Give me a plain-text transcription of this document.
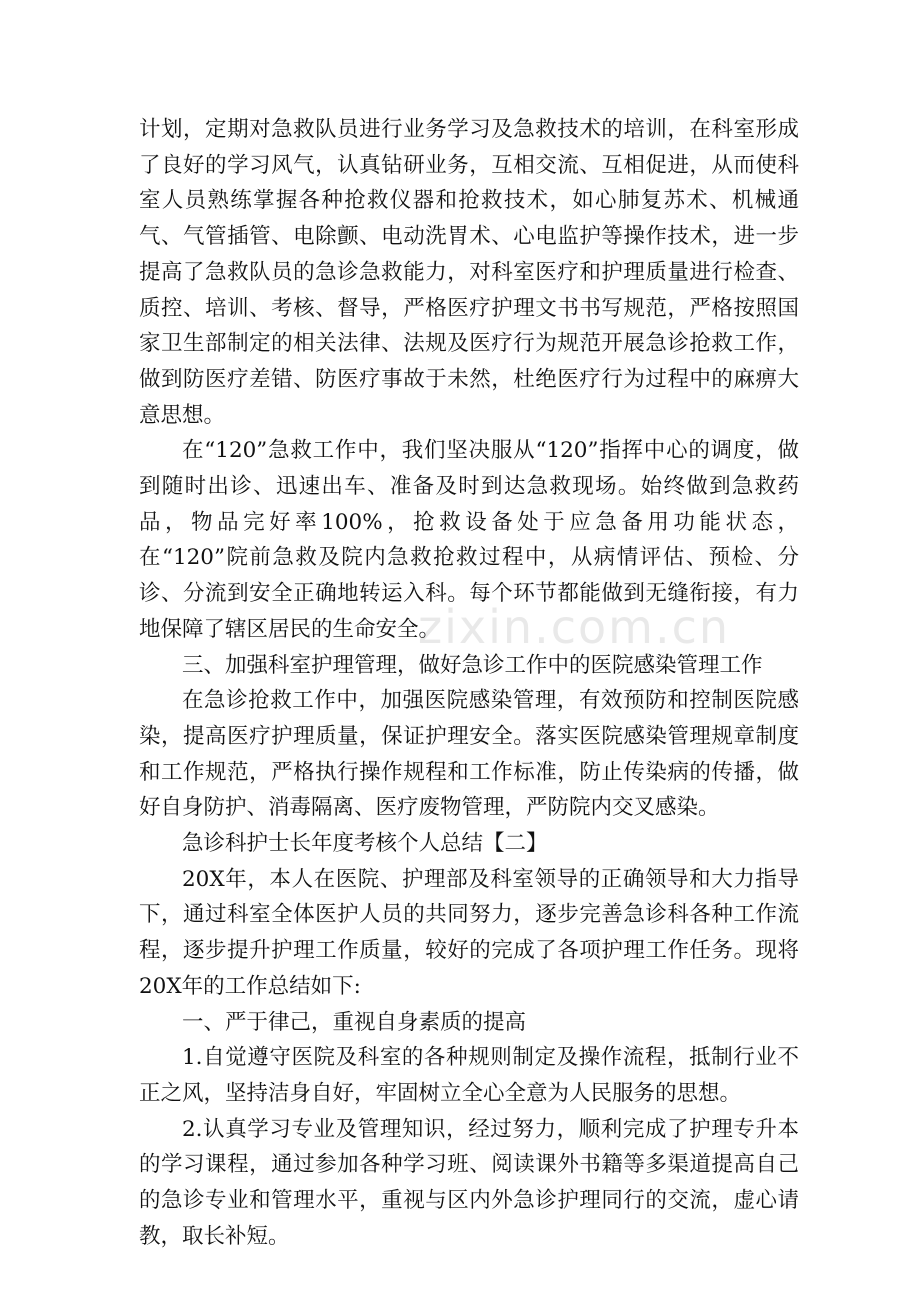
zixin.com.cn

计划，定期对急救队员进行业务学习及急救技术的培训，在科室形成了良好的学习风气，认真钻研业务，互相交流、互相促进，从而使科室人员熟练掌握各种抢救仪器和抢救技术，如心肺复苏术、机械通气、气管插管、电除颤、电动洗胃术、心电监护等操作技术，进一步提高了急救队员的急诊急救能力，对科室医疗和护理质量进行检查、质控、培训、考核、督导，严格医疗护理文书书写规范，严格按照国家卫生部制定的相关法律、法规及医疗行为规范开展急诊抢救工作，做到防医疗差错、防医疗事故于未然，杜绝医疗行为过程中的麻痹大意思想。

在“120”急救工作中，我们坚决服从“120”指挥中心的调度，做到随时出诊、迅速出车、准备及时到达急救现场。始终做到急救药品，物品完好率100%，抢救设备处于应急备用功能状态，在“120”院前急救及院内急救抢救过程中，从病情评估、预检、分诊、分流到安全正确地转运入科。每个环节都能做到无缝衔接，有力地保障了辖区居民的生命安全。

三、加强科室护理管理，做好急诊工作中的医院感染管理工作

在急诊抢救工作中，加强医院感染管理，有效预防和控制医院感染，提高医疗护理质量，保证护理安全。落实医院感染管理规章制度和工作规范，严格执行操作规程和工作标准，防止传染病的传播，做好自身防护、消毒隔离、医疗废物管理，严防院内交叉感染。

急诊科护士长年度考核个人总结【二】

20X年，本人在医院、护理部及科室领导的正确领导和大力指导下，通过科室全体医护人员的共同努力，逐步完善急诊科各种工作流程，逐步提升护理工作质量，较好的完成了各项护理工作任务。现将20X年的工作总结如下:

一、严于律己，重视自身素质的提高

1.自觉遵守医院及科室的各种规则制定及操作流程，抵制行业不正之风，坚持洁身自好，牢固树立全心全意为人民服务的思想。

2.认真学习专业及管理知识，经过努力，顺利完成了护理专升本的学习课程，通过参加各种学习班、阅读课外书籍等多渠道提高自己的急诊专业和管理水平，重视与区内外急诊护理同行的交流，虚心请教，取长补短。
